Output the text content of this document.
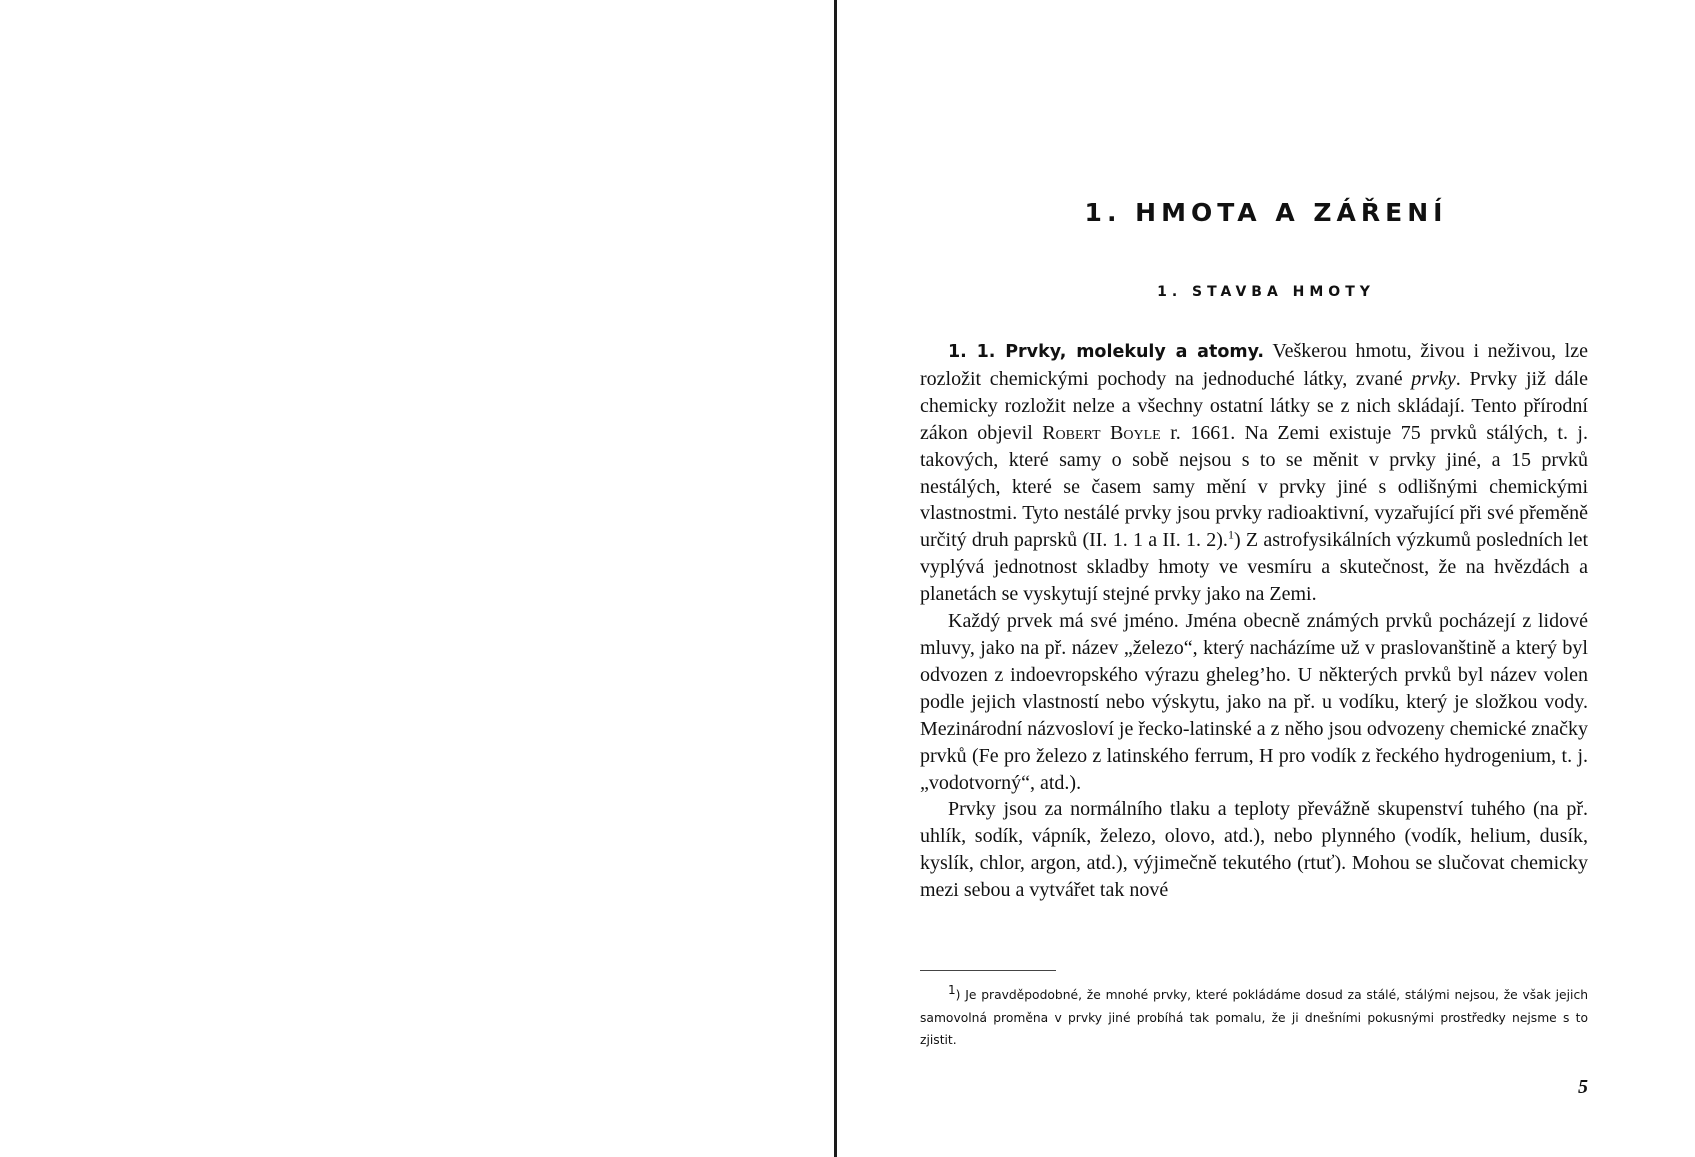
1. HMOTA A ZÁŘENÍ
1. STAVBA HMOTY

1. 1. Prvky, molekuly a atomy. Veškerou hmotu, živou i neživou, lze rozložit chemickými pochody na jednoduché látky, zvané prvky. Prvky již dále chemicky rozložit nelze a všechny ostatní látky se z nich skládají. Tento přírodní zákon objevil Robert Boyle r. 1661. Na Zemi existuje 75 prvků stálých, t. j. takových, které samy o sobě nejsou s to se měnit v prvky jiné, a 15 prvků nestálých, které se časem samy mění v prvky jiné s odlišnými chemickými vlastnostmi. Tyto nestálé prvky jsou prvky radioaktivní, vyzařující při své přeměně určitý druh paprsků (II. 1. 1 a II. 1. 2).$^1$) Z astrofysikálních výzkumů posledních let vyplývá jednotnost skladby hmoty ve vesmíru a skutečnost, že na hvězdách a planetách se vyskytují stejné prvky jako na Zemi.

Každý prvek má své jméno. Jména obecně známých prvků pocházejí z lidové mluvy, jako na př. název „železo“, který nacházíme už v praslovanštině a který byl odvozen z indoevropského výrazu gheleg’ho. U některých prvků byl název volen podle jejich vlastností nebo výskytu, jako na př. u vodíku, který je složkou vody. Mezinárodní názvosloví je řecko-latinské a z něho jsou odvozeny chemické značky prvků (Fe pro železo z latinského ferrum, H pro vodík z řeckého hydrogenium, t. j. „vodotvorný“, atd.).

Prvky jsou za normálního tlaku a teploty převážně skupenství tuhého (na př. uhlík, sodík, vápník, železo, olovo, atd.), nebo plynného (vodík, helium, dusík, kyslík, chlor, argon, atd.), výjimečně tekutého (rtuť). Mohou se slučovat chemicky mezi sebou a vytvářet tak nové

$^1$) Je pravděpodobné, že mnohé prvky, které pokládáme dosud za stálé, stálými nejsou, že však jejich samovolná proměna v prvky jiné probíhá tak pomalu, že ji dnešními pokusnými prostředky nejsme s to zjistit.

5
